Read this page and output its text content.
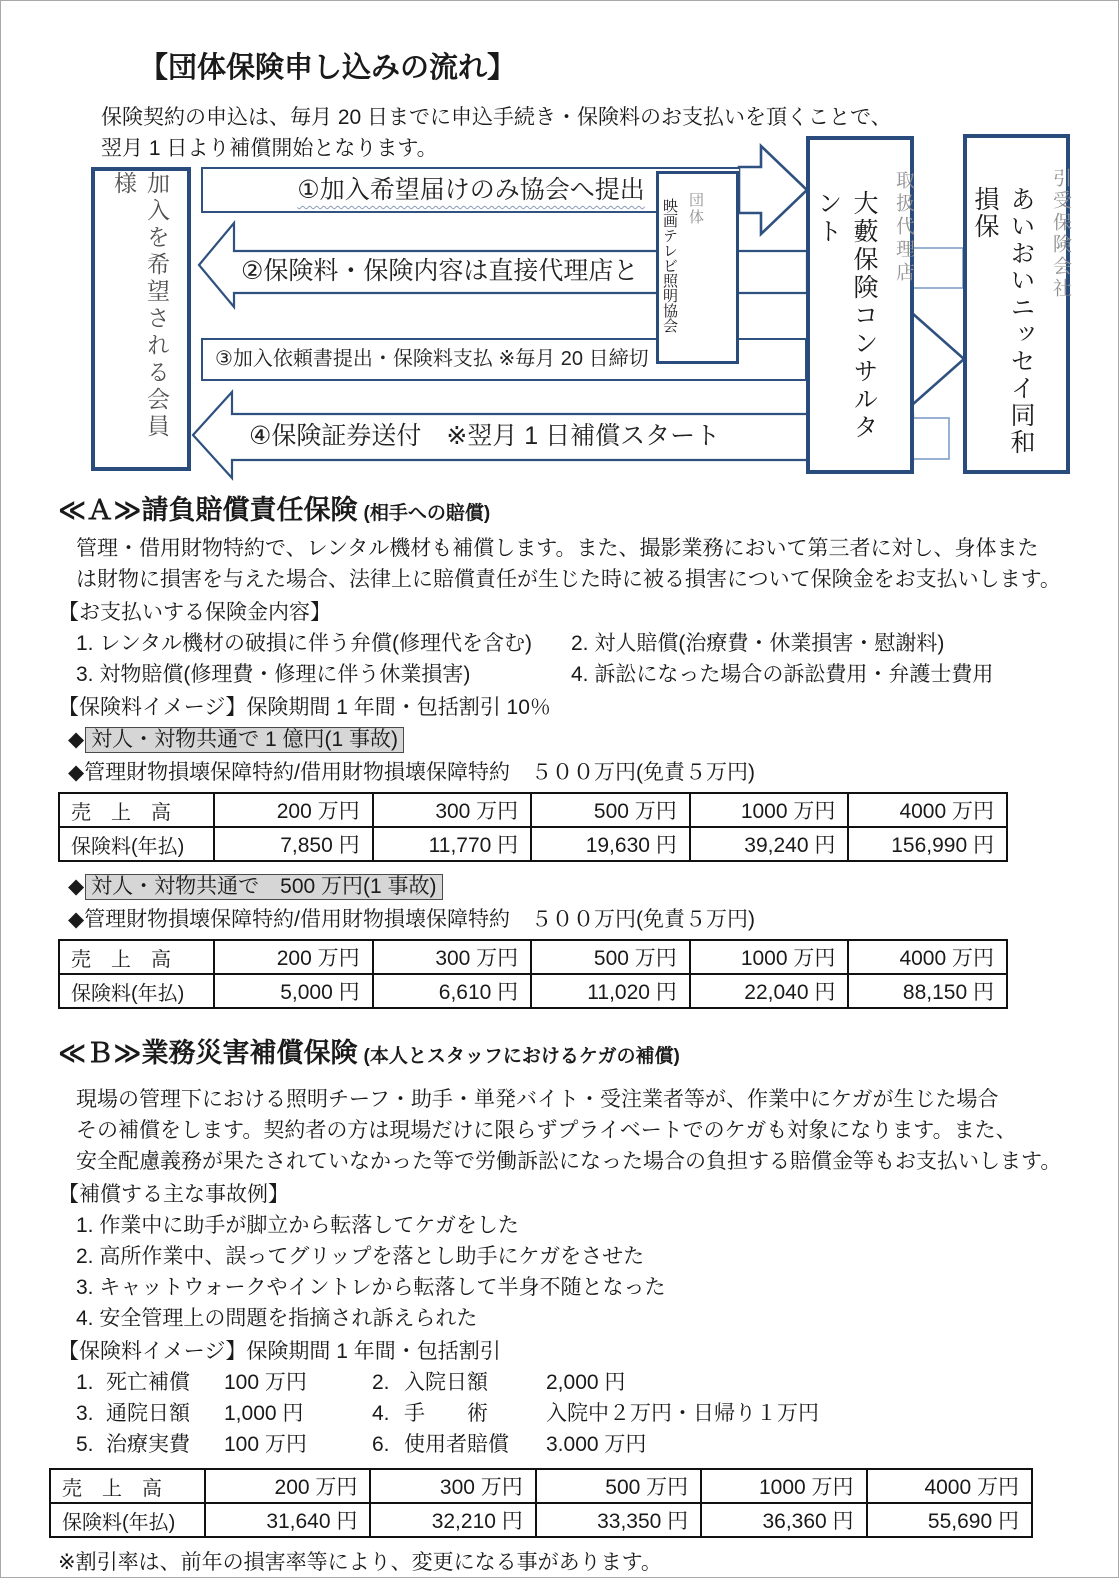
【団体保険申し込みの流れ】
保険契約の申込は、毎月 20 日までに申込手続き・保険料のお支払いを頂くことで、
翌月 1 日より補償開始となります。
①加入希望届けのみ協会へ提出
②保険料・保険内容は直接代理店と
③加入依頼書提出・保険料支払 ※毎月 20 日締切
④保険証券送付　※翌月 1 日補償スタート
加入を希望される会員様
団体
映画テレビ照明協会	取扱代理店
大藪保険コンサルタント	引受保険会社
あいおいニッセイ同和損保
≪Ａ≫請負賠償責任保険 (相手への賠償)
管理・借用財物特約で、レンタル機材も補償します。また、撮影業務において第三者に対し、身体また
は財物に損害を与えた場合、法律上に賠償責任が生じた時に被る損害について保険金をお支払いします。
【お支払いする保険金内容】
1. レンタル機材の破損に伴う弁償(修理代を含む)	2. 対人賠償(治療費・休業損害・慰謝料)
3. 対物賠償(修理費・修理に伴う休業損害)	4. 訴訟になった場合の訴訟費用・弁護士費用
【保険料イメージ】保険期間 1 年間・包括割引 10％
◆ 対人・対物共通で 1 億円(1 事故)
◆管理財物損壊保障特約/借用財物損壊保障特約　５００万円(免責５万円)
売　上　高	200 万円	300 万円	500 万円	1000 万円	4000 万円
保険料(年払)	7,850 円	11,770 円	19,630 円	39,240 円	156,990 円
◆ 対人・対物共通で　500 万円(1 事故)
◆管理財物損壊保障特約/借用財物損壊保障特約　５００万円(免責５万円)
売　上　高	200 万円	300 万円	500 万円	1000 万円	4000 万円
保険料(年払)	5,000 円	6,610 円	11,020 円	22,040 円	88,150 円
≪Ｂ≫業務災害補償保険 (本人とスタッフにおけるケガの補償)
現場の管理下における照明チーフ・助手・単発バイト・受注業者等が、作業中にケガが生じた場合
その補償をします。契約者の方は現場だけに限らずプライベートでのケガも対象になります。また、
安全配慮義務が果たされていなかった等で労働訴訟になった場合の負担する賠償金等もお支払いします。
【補償する主な事故例】
1. 作業中に助手が脚立から転落してケガをした
2. 高所作業中、誤ってグリップを落とし助手にケガをさせた
3. キャットウォークやイントレから転落して半身不随となった
4. 安全管理上の問題を指摘され訴えられた
【保険料イメージ】保険期間 1 年間・包括割引
1. 死亡補償	100 万円	2. 入院日額	2,000 円
3. 通院日額	1,000 円	4. 手　　術	入院中２万円・日帰り１万円
5. 治療実費	100 万円	6. 使用者賠償	3.000 万円
売　上　高	200 万円	300 万円	500 万円	1000 万円	4000 万円
保険料(年払)	31,640 円	32,210 円	33,350 円	36,360 円	55,690 円
※割引率は、前年の損害率等により、変更になる事があります。
